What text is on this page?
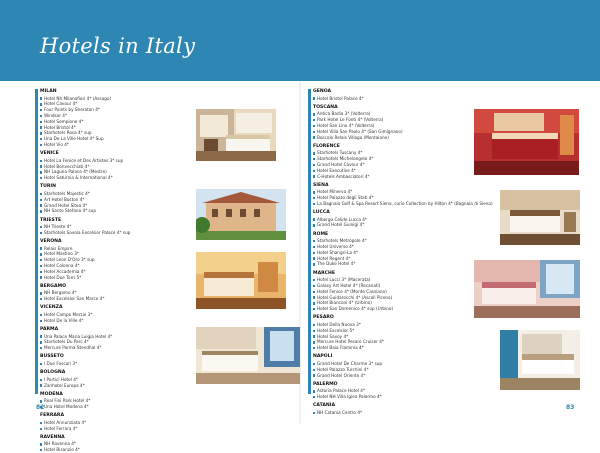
Hotels in Italy
MILAN
Hotel Nh Milanofiori 4* (Assago)
Hotel Cavour 4*
Four Points by Sheraton 4*
Windsor 4*
Hotel Sempione 4*
Hotel Bristol 4*
Starhotels Rosa 4* sup
Una De La Ville Hotel 4* Sup
Hotel Vio 4*
VENICE
Hotel La Fenice et Des Artistes 3* sup
Hotel Bonvecchiati 4*
NH Laguna Palace 4* (Mestre)
Hotel Saturnia & International 4*
TURIN
Starhotels Majestic 4*
Art Hotel Boston 4*
Grand Hotel Sitea 4*
NH Santo Stefano 4* sup
TRIESTE
NH Trieste 4*
Starhotels Savoia Excelsior Palace 4* sup
VERONA
Relais Empire
Hotel Mastino 3*
Hotel Leon D'Oro 3* sup
Hotel Colonna 4*
Hotel Accademia 4*
Hotel Due Torri 5*
BERGAMO
NH Bergamo 4*
Hotel Excelsior San Marco 4*
VICENZA
Hotel Campo Marzio 3*
Hotel De la Ville 4*
PARMA
Una Palace Maria Luigia Hotel 4*
Starhotels Du Parc 4*
Mercure Parma Stendhal 4*
BUSSETO
I Due Foscari 3*
BOLOGNA
I Portici Hotel 4*
Zanhotel Europa 4*
MODENA
Real Fini Park Hotel 4*
Una Hotel Modena 4*
FERRARA
Hotel Annunziata 4*
Hotel Ferrara 4*
RAVENNA
NH Ravenna 4*
Hotel Bisanzio 4*
GENOA
Hotel Bristol Palace 4*
TOSCANA
Antica Badia 3* (Volterra)
Park Hotel Le Fonti 4* (Volterra)
Hotel San Lino 4* (Volterra)
Hotel Villa San Paolo 4* (San Gimignano)
Boscolo Relais Villaga (Montaione)
FLORENCE
Starhotels Tuscany 4*
Starhotels Michelangelo 4*
Grand Hotel Cavour 4*
Hotel Executive 4*
C-Hotels Ambasciatori 4*
SIENA
Hotel Minerva 4*
Hotel Palazzo degli Stati 4*
La Bagnaia Golf & Spa Resort Siena, curio Collection by Hilton 4* (Bagnaia di Siena)
LUCCA
Albergo Celide Lucca 4*
Grand Hotel Guinigi 4*
ROME
Starhotels Metropole 4*
Hotel Universo 4*
Hotel Shangri-La 4*
Hotel Regent 4*
The Duke Hotel 4*
MARCHE
Hotel Lucci 3* (Macerata)
Galaxy Art Hotel 4* (Recanati)
Hotel Fenice 4* (Monte Cassiano)
Hotel Guidarocchi 4* (Ascoli Piceno)
Hotel Bianconi 4* (Urbino)
Hotel San Domenico 4* sup (Urbino)
PESARO
Hotel Della Nuova 3*
Hotel Excelsior 5*
Hotel Savoy 4*
Mercure Hotel Pesaro Cruiser 4*
Hotel Baia Flaminia 4*
NAPOLI
Grand Hotel De Charme 3* sup
Hotel Palazzo Turchini 4*
Grand Hotel Oriente 4*
PALERMO
Astoria Palace Hotel 4*
Hotel NH Villa Igiea Palermo 4*
CATANIA
NH Catania Centro 4*
82	83
